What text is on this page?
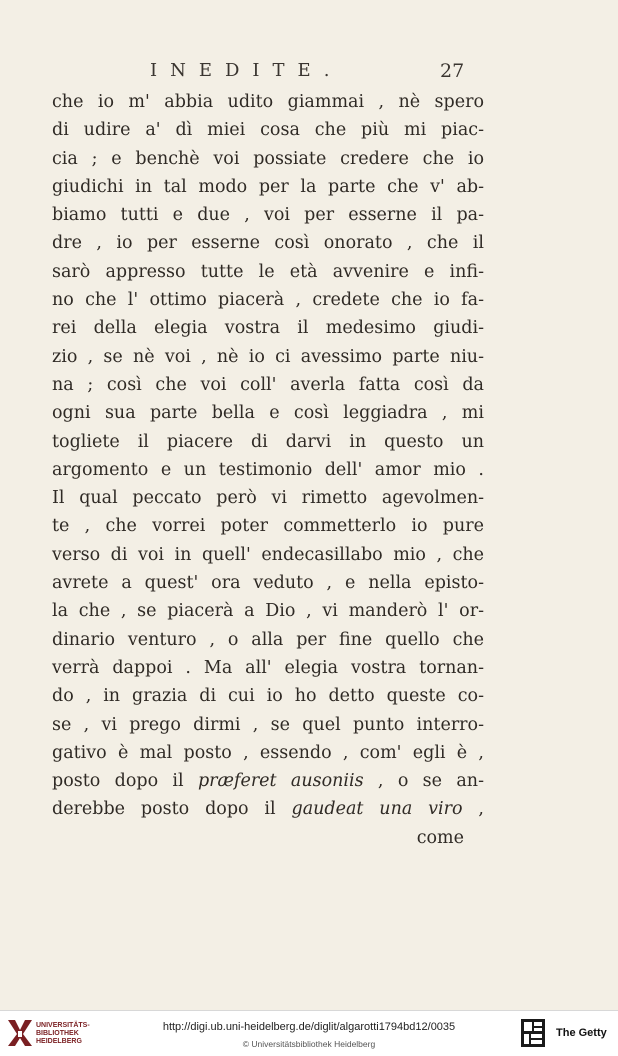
INEDITE.	27
che io m' abbia udito giammai , nè spero
di udire a' dì miei cosa che più mi piac-
cia ; e benchè voi possiate credere che io
giudichi in tal modo per la parte che v' ab-
biamo tutti e due , voi per esserne il pa-
dre , io per esserne così onorato , che il
sarò appresso tutte le età avvenire e infi-
no che l' ottimo piacerà , credete che io fa-
rei della elegia vostra il medesimo giudi-
zio , se nè voi , nè io ci avessimo parte niu-
na ; così che voi coll' averla fatta così da
ogni sua parte bella e così leggiadra , mi
togliete il piacere di darvi in questo un
argomento e un testimonio dell' amor mio .
Il qual peccato però vi rimetto agevolmen-
te , che vorrei poter commetterlo io pure
verso di voi in quell' endecasillabo mio , che
avrete a quest' ora veduto , e nella episto-
la che , se piacerà a Dio , vi manderò l' or-
dinario venturo , o alla per fine quello che
verrà dappoi . Ma all' elegia vostra tornan-
do , in grazia di cui io ho detto queste co-
se , vi prego dirmi , se quel punto interro-
gativo è mal posto , essendo , com' egli è ,
posto dopo il præferet ausoniis , o se an-
derebbe posto dopo il gaudeat una viro ,
come
UNIVERSITÄTS-
BIBLIOTHEK
HEIDELBERG
http://digi.ub.uni-heidelberg.de/diglit/algarotti1794bd12/0035
© Universitätsbibliothek Heidelberg
The Getty
